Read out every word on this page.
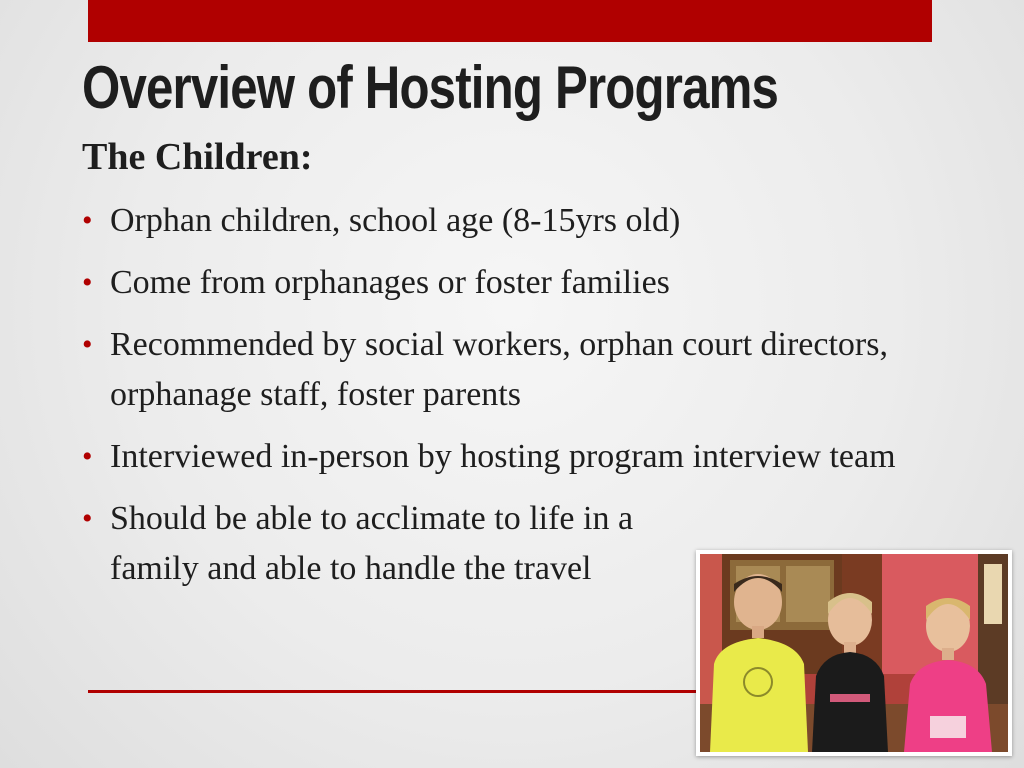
Overview of Hosting Programs
The Children:
• Orphan children, school age (8-15yrs old)
• Come from orphanages or foster families
• Recommended by social workers, orphan court directors, orphanage staff, foster parents
• Interviewed in-person by hosting program interview team
• Should be able to acclimate to life in a family and able to handle the travel
